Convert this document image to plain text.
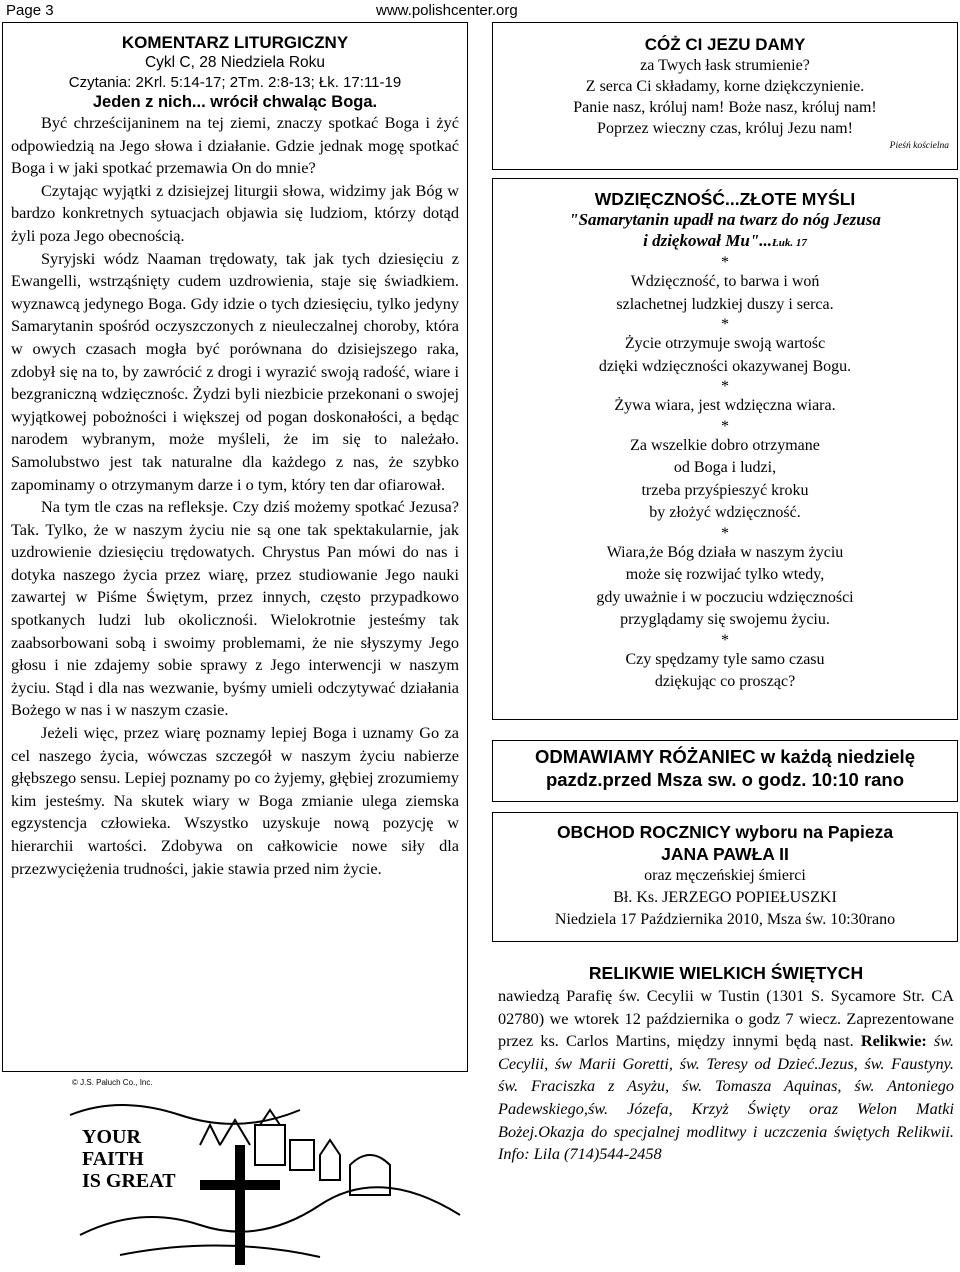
Page 3	www.polishcenter.org
KOMENTARZ LITURGICZNY
Cykl C, 28 Niedziela Roku
Czytania: 2Krl. 5:14-17; 2Tm. 2:8-13; Łk. 17:11-19
Jeden z nich... wrócił chwaląc Boga.

Być chrześcijaninem na tej ziemi, znaczy spotkać Boga i żyć odpowiedzią na Jego słowa i działanie. Gdzie jednak mogę spotkać Boga i w jaki spotkać przemawia On do mnie?

Czytając wyjątki z dzisiejzej liturgii słowa, widzimy jak Bóg w bardzo konkretnych sytuacjach objawia się ludziom, którzy dotąd żyli poza Jego obecnością.

Syryjski wódz Naaman trędowaty, tak jak tych dziesięciu z Ewangelli, wstrząśnięty cudem uzdrowienia, staje się świadkiem. wyznawcą jedynego Boga. Gdy idzie o tych dziesięciu, tylko jedyny Samarytanin spośród oczyszczonych z nieuleczalnej choroby, która w owych czasach mogła być porównana do dzisiejszego raka, zdobył się na to, by zawrócić z drogi i wyrazić swoją radość, wiare i bezgraniczną wdzięcznośc. Żydzi byli niezbicie przekonani o swojej wyjątkowej pobożności i większej od pogan doskonałości, a będąc narodem wybranym, może myśleli, że im się to należało. Samolubstwo jest tak naturalne dla każdego z nas, że szybko zapominamy o otrzymanym darze i o tym, który ten dar ofiarował.

Na tym tle czas na refleksje. Czy dziś możemy spotkać Jezusa? Tak. Tylko, że w naszym życiu nie są one tak spektakularnie, jak uzdrowienie dziesięciu trędowatych. Chrystus Pan mówi do nas i dotyka naszego życia przez wiarę, przez studiowanie Jego nauki zawartej w Piśme Świętym, przez innych, często przypadkowo spotkanych ludzi lub okolicznośi. Wielokrotnie jesteśmy tak zaabsorbowani sobą i swoimy problemami, że nie słyszymy Jego głosu i nie zdajemy sobie sprawy z Jego interwencji w naszym życiu. Stąd i dla nas wezwanie, byśmy umieli odczytywać działania Bożego w nas i w naszym czasie.

Jeżeli więc, przez wiarę poznamy lepiej Boga i uznamy Go za cel naszego życia, wówczas szczegół w naszym życiu nabierze głębszego sensu. Lepiej poznamy po co żyjemy, głębiej zrozumiemy kim jesteśmy. Na skutek wiary w Boga zmianie ulega ziemska egzystencja człowieka. Wszystko uzyskuje nową pozycję w hierarchii wartości. Zdobywa on całkowicie nowe siły dla przezwyciężenia trudności, jakie stawia przed nim życie.

© J.S. Paluch Co., Inc.
YOUR
FAITH
IS GREAT
CÓŻ CI JEZU DAMY
za Twych łask strumienie?
Z serca Ci składamy, korne dziękczynienie.
Panie nasz, króluj nam! Boże nasz, króluj nam!
Poprzez wieczny czas, króluj Jezu nam!
Pieśń kościelna
WDZIĘCZNOŚĆ...ZŁOTE MYŚLI
"Samarytanin upadł na twarz do nóg Jezusa
i dziękował Mu"...Łuk. 17
*
Wdzięczność, to barwa i woń
szlachetnej ludzkiej duszy i serca.
*
Życie otrzymuje swoją wartośc
dzięki wdzięczności okazywanej Bogu.
*
Żywa wiara, jest wdzięczna wiara.
*
Za wszelkie dobro otrzymane
od Boga i ludzi,
trzeba przyśpieszyć kroku
by złożyć wdzięczność.
*
Wiara,że Bóg działa w naszym życiu
może się rozwijać tylko wtedy,
gdy uważnie i w poczuciu wdzięczności
przyglądamy się swojemu życiu.
*
Czy spędzamy tyle samo czasu
dziękując co prosząc?
ODMAWIAMY RÓŻANIEC w każdą niedzielę
pazdz.przed Msza sw. o godz. 10:10 rano
OBCHOD ROCZNICY wyboru na Papieza
JANA PAWŁA II
oraz męczeńskiej śmierci
Bł. Ks. JERZEGO POPIEŁUSZKI
Niedziela 17 Października 2010, Msza św. 10:30rano
RELIKWIE WIELKICH ŚWIĘTYCH
nawiedzą Parafię św. Cecylii w Tustin (1301 S. Sycamore Str. CA 02780) we wtorek 12 października o godz 7 wiecz. Zaprezentowane przez ks. Carlos Martins, między innymi będą nast. Relikwie: św. Cecylii, św Marii Goretti, św. Teresy od Dzieć.Jezus, św. Faustyny. św. Fraciszka z Asyżu, św. Tomasza Aquinas, św. Antoniego Padewskiego,św. Józefa, Krzyż Święty oraz Welon Matki Bożej.Okazja do specjalnej modlitwy i uczczenia świętych Relikwii. Info: Lila (714)544-2458
